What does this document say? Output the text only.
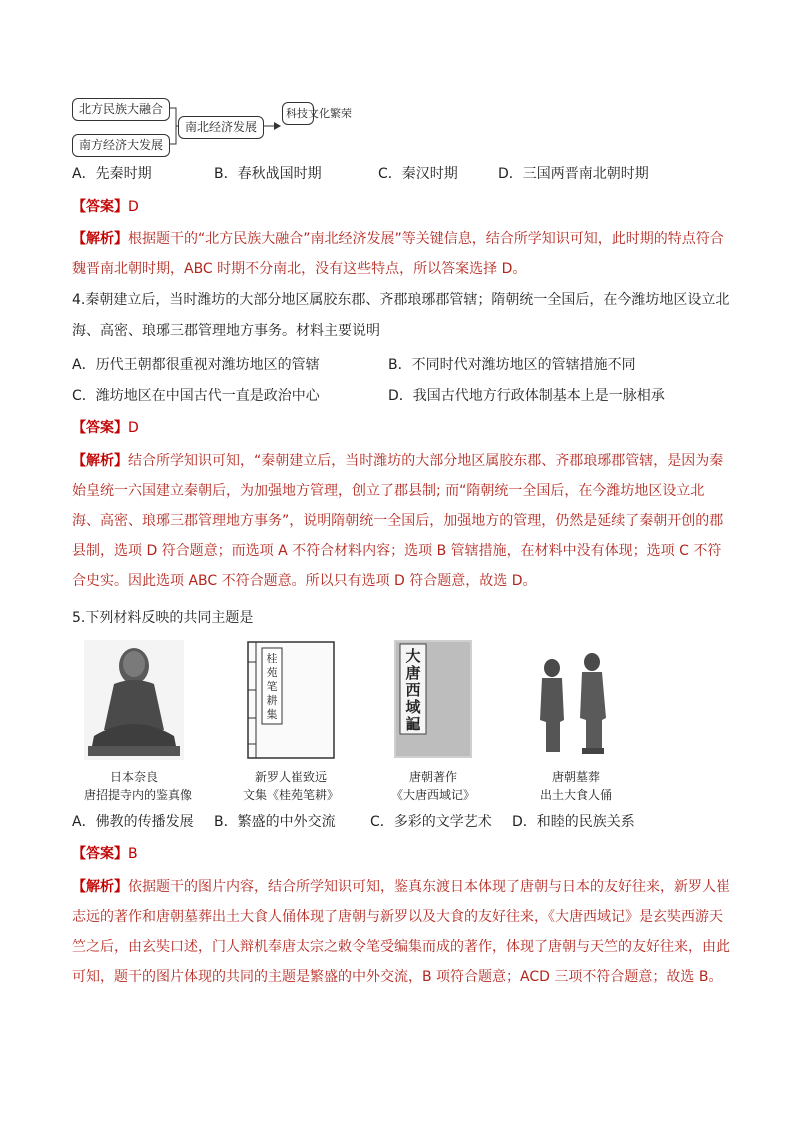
北方民族大融合
南方经济大发展
南北经济发展
科技文化繁荣
A．先秦时期	B．春秋战国时期	C．秦汉时期	D．三国两晋南北朝时期
【答案】D
【解析】根据题干的“北方民族大融合”南北经济发展”等关键信息，结合所学知识可知，此时期的特点符合魏晋南北朝时期，ABC 时期不分南北，没有这些特点，所以答案选择 D。
4.秦朝建立后，当时潍坊的大部分地区属胶东郡、齐郡琅琊郡管辖；隋朝统一全国后，在今潍坊地区设立北
海、高密、琅琊三郡管理地方事务。材料主要说明
A．历代王朝都很重视对潍坊地区的管辖	B．不同时代对潍坊地区的管辖措施不同
C．潍坊地区在中国古代一直是政治中心	D．我国古代地方行政体制基本上是一脉相承
【答案】D
【解析】结合所学知识可知，“秦朝建立后，当时潍坊的大部分地区属胶东郡、齐郡琅琊郡管辖，是因为秦始皇统一六国建立秦朝后，为加强地方管理，创立了郡县制; 而“隋朝统一全国后，在今潍坊地区设立北海、高密、琅琊三郡管理地方事务”，说明隋朝统一全国后，加强地方的管理，仍然是延续了秦朝开创的郡县制，选项 D 符合题意；而选项 A 不符合材料内容；选项 B 管辖措施，在材料中没有体现；选项 C 不符合史实。因此选项 ABC 不符合题意。所以只有选项 D 符合题意，故选 D。
5.下列材料反映的共同主题是
日本奈良
唐招提寺内的鉴真像
桂苑笔耕集
新罗人崔致远
文集《桂苑笔耕》
大唐西域記
唐朝著作
《大唐西域记》
唐朝墓葬
出土大食人俑
A．佛教的传播发展 B．繁盛的中外交流 C．多彩的文学艺术 D．和睦的民族关系
【答案】B
【解析】依据题干的图片内容，结合所学知识可知，鉴真东渡日本体现了唐朝与日本的友好往来，新罗人崔志远的著作和唐朝墓葬出土大食人俑体现了唐朝与新罗以及大食的友好往来，《大唐西域记》是玄奘西游天竺之后，由玄奘口述，门人辩机奉唐太宗之敕令笔受编集而成的著作，体现了唐朝与天竺的友好往来，由此可知，题干的图片体现的共同的主题是繁盛的中外交流，B 项符合题意；ACD 三项不符合题意；故选 B。
